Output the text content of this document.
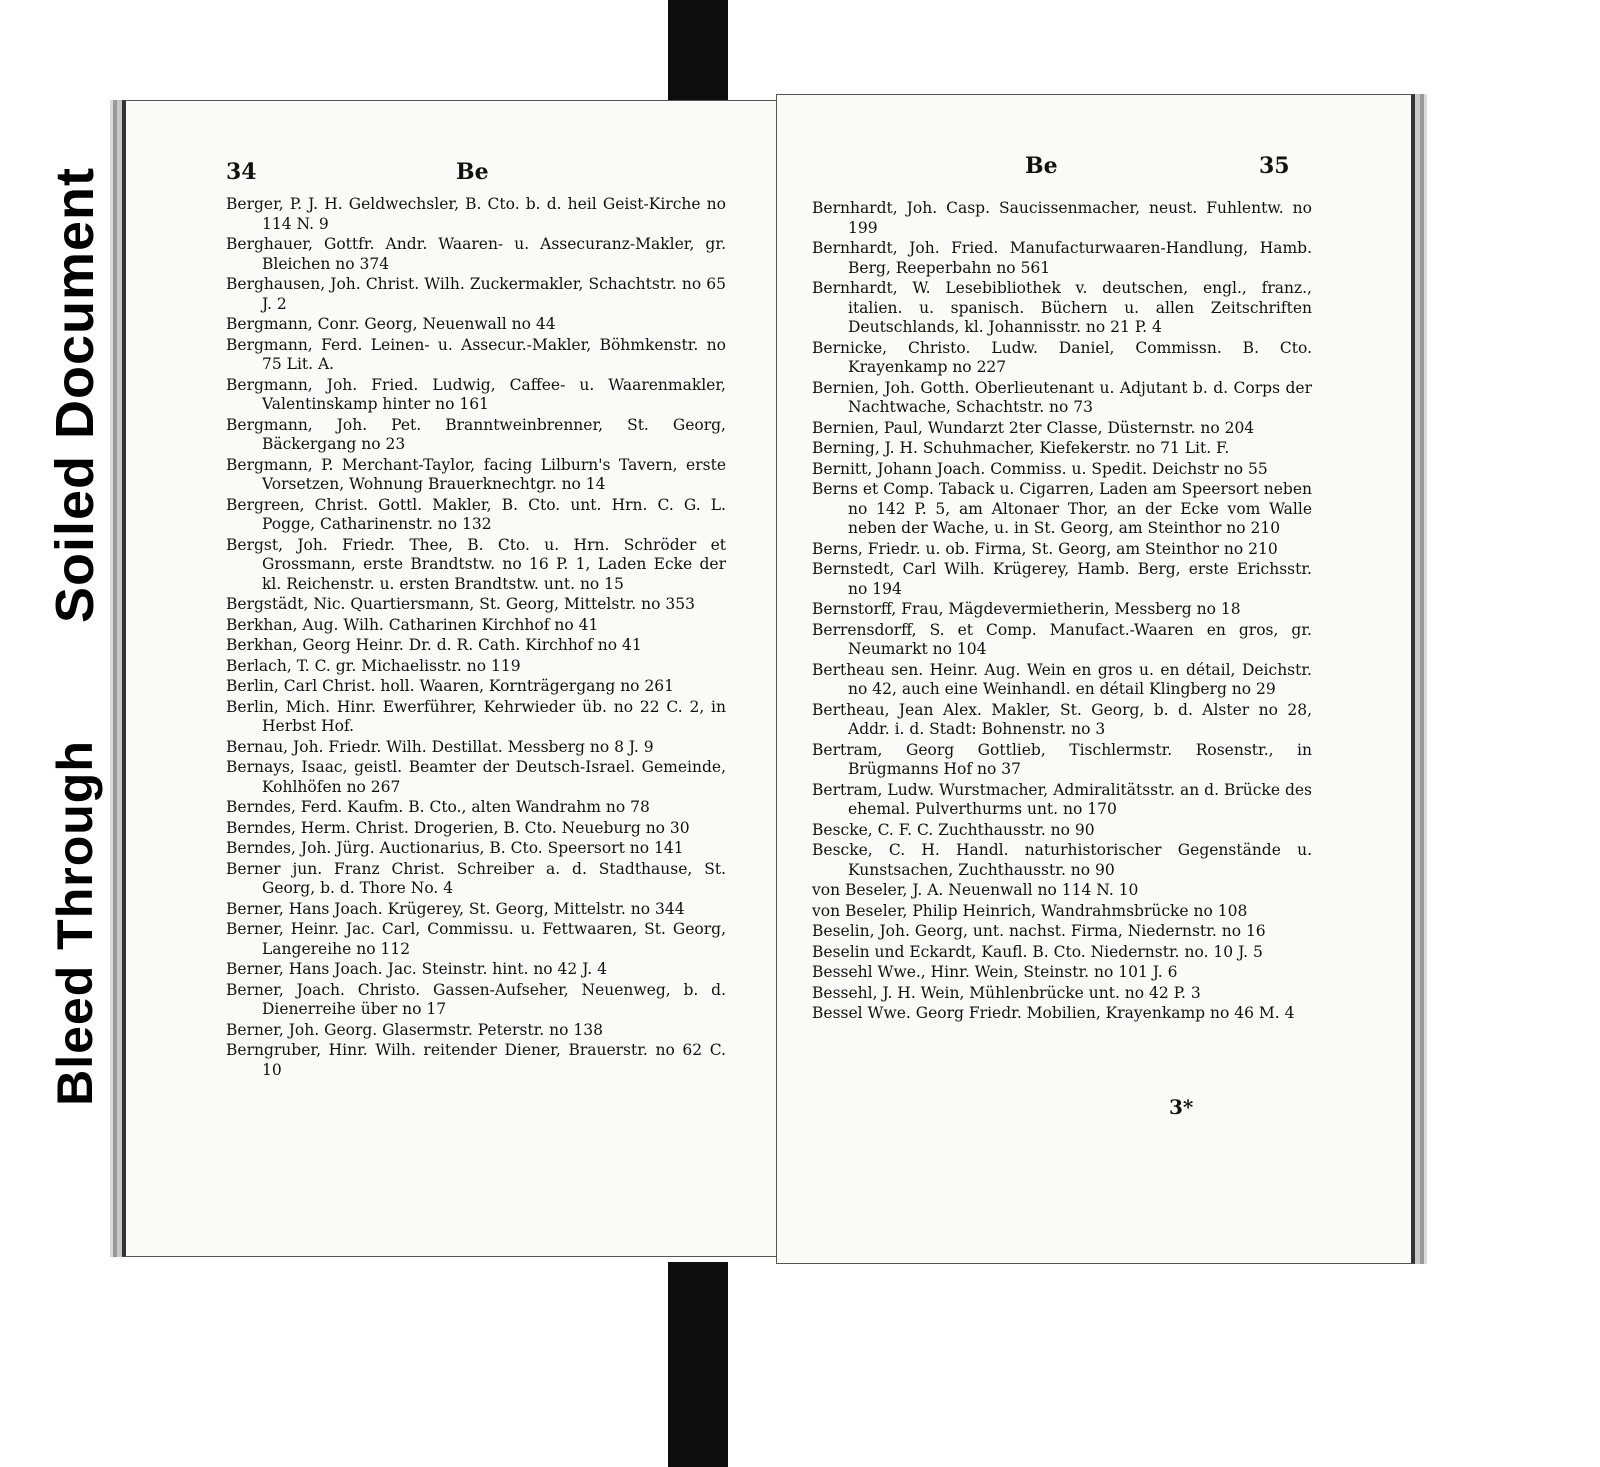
Soiled Document
Bleed Through
34	Be
Berger, P. J. H. Geldwechsler, B. Cto. b. d. heil Geist-Kirche no 114 N. 9
Berghauer, Gottfr. Andr. Waaren- u. Assecuranz-Makler, gr. Bleichen no 374
Berghausen, Joh. Christ. Wilh. Zuckermakler, Schachtstr. no 65 J. 2
Bergmann, Conr. Georg, Neuenwall no 44
Bergmann, Ferd. Leinen- u. Assecur.-Makler, Böhmkenstr. no 75 Lit. A.
Bergmann, Joh. Fried. Ludwig, Caffee- u. Waarenmakler, Valentinskamp hinter no 161
Bergmann, Joh. Pet. Branntweinbrenner, St. Georg, Bäckergang no 23
Bergmann, P. Merchant-Taylor, facing Lilburn's Tavern, erste Vorsetzen, Wohnung Brauerknechtgr. no 14
Bergreen, Christ. Gottl. Makler, B. Cto. unt. Hrn. C. G. L. Pogge, Catharinenstr. no 132
Bergst, Joh. Friedr. Thee, B. Cto. u. Hrn. Schröder et Grossmann, erste Brandtstw. no 16 P. 1, Laden Ecke der kl. Reichenstr. u. ersten Brandtstw. unt. no 15
Bergstädt, Nic. Quartiersmann, St. Georg, Mittelstr. no 353
Berkhan, Aug. Wilh. Catharinen Kirchhof no 41
Berkhan, Georg Heinr. Dr. d. R. Cath. Kirchhof no 41
Berlach, T. C. gr. Michaelisstr. no 119
Berlin, Carl Christ. holl. Waaren, Kornträgergang no 261
Berlin, Mich. Hinr. Ewerführer, Kehrwieder üb. no 22 C. 2, in Herbst Hof.
Bernau, Joh. Friedr. Wilh. Destillat. Messberg no 8 J. 9
Bernays, Isaac, geistl. Beamter der Deutsch-Israel. Gemeinde, Kohlhöfen no 267
Berndes, Ferd. Kaufm. B. Cto., alten Wandrahm no 78
Berndes, Herm. Christ. Drogerien, B. Cto. Neueburg no 30
Berndes, Joh. Jürg. Auctionarius, B. Cto. Speersort no 141
Berner jun. Franz Christ. Schreiber a. d. Stadthause, St. Georg, b. d. Thore No. 4
Berner, Hans Joach. Krügerey, St. Georg, Mittelstr. no 344
Berner, Heinr. Jac. Carl, Commissu. u. Fettwaaren, St. Georg, Langereihe no 112
Berner, Hans Joach. Jac. Steinstr. hint. no 42 J. 4
Berner, Joach. Christo. Gassen-Aufseher, Neuenweg, b. d. Dienerreihe über no 17
Berner, Joh. Georg. Glasermstr. Peterstr. no 138
Berngruber, Hinr. Wilh. reitender Diener, Brauerstr. no 62 C. 10
Be	35
Bernhardt, Joh. Casp. Saucissenmacher, neust. Fuhlentw. no 199
Bernhardt, Joh. Fried. Manufacturwaaren-Handlung, Hamb. Berg, Reeperbahn no 561
Bernhardt, W. Lesebibliothek v. deutschen, engl., franz., italien. u. spanisch. Büchern u. allen Zeitschriften Deutschlands, kl. Johannisstr. no 21 P. 4
Bernicke, Christo. Ludw. Daniel, Commissn. B. Cto. Krayenkamp no 227
Bernien, Joh. Gotth. Oberlieutenant u. Adjutant b. d. Corps der Nachtwache, Schachtstr. no 73
Bernien, Paul, Wundarzt 2ter Classe, Düsternstr. no 204
Berning, J. H. Schuhmacher, Kiefekerstr. no 71 Lit. F.
Bernitt, Johann Joach. Commiss. u. Spedit. Deichstr no 55
Berns et Comp. Taback u. Cigarren, Laden am Speersort neben no 142 P. 5, am Altonaer Thor, an der Ecke vom Walle neben der Wache, u. in St. Georg, am Steinthor no 210
Berns, Friedr. u. ob. Firma, St. Georg, am Steinthor no 210
Bernstedt, Carl Wilh. Krügerey, Hamb. Berg, erste Erichsstr. no 194
Bernstorff, Frau, Mägdevermietherin, Messberg no 18
Berrensdorff, S. et Comp. Manufact.-Waaren en gros, gr. Neumarkt no 104
Bertheau sen. Heinr. Aug. Wein en gros u. en détail, Deichstr. no 42, auch eine Weinhandl. en détail Klingberg no 29
Bertheau, Jean Alex. Makler, St. Georg, b. d. Alster no 28, Addr. i. d. Stadt: Bohnenstr. no 3
Bertram, Georg Gottlieb, Tischlermstr. Rosenstr., in Brügmanns Hof no 37
Bertram, Ludw. Wurstmacher, Admiralitätsstr. an d. Brücke des ehemal. Pulverthurms unt. no 170
Bescke, C. F. C. Zuchthausstr. no 90
Bescke, C. H. Handl. naturhistorischer Gegenstände u. Kunstsachen, Zuchthausstr. no 90
von Beseler, J. A. Neuenwall no 114 N. 10
von Beseler, Philip Heinrich, Wandrahmsbrücke no 108
Beselin, Joh. Georg, unt. nachst. Firma, Niedernstr. no 16
Beselin und Eckardt, Kaufl. B. Cto. Niedernstr. no. 10 J. 5
Bessehl Wwe., Hinr. Wein, Steinstr. no 101 J. 6
Bessehl, J. H. Wein, Mühlenbrücke unt. no 42 P. 3
Bessel Wwe. Georg Friedr. Mobilien, Krayenkamp no 46 M. 4
3*
